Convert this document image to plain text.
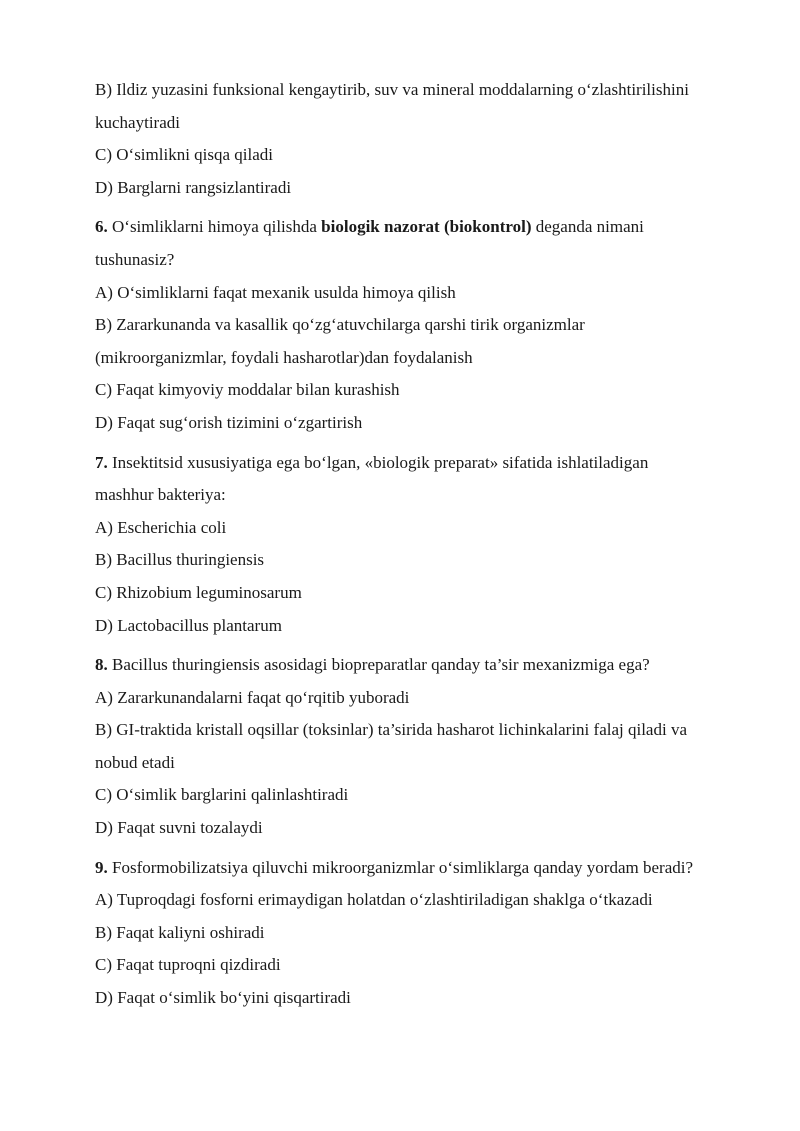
B) Ildiz yuzasini funksional kengaytirib, suv va mineral moddalarning o‘zlashtirilishini

kuchaytiradi

C) O‘simlikni qisqa qiladi

D) Barglarni rangsizlantiradi

6. O‘simliklarni himoya qilishda biologik nazorat (biokontrol) deganda nimani

tushunasiz?

A) O‘simliklarni faqat mexanik usulda himoya qilish

B) Zararkunanda va kasallik qo‘zg‘atuvchilarga qarshi tirik organizmlar

(mikroorganizmlar, foydali hasharotlar)dan foydalanish

C) Faqat kimyoviy moddalar bilan kurashish

D) Faqat sug‘orish tizimini o‘zgartirish

7. Insektitsid xususiyatiga ega bo‘lgan, «biologik preparat» sifatida ishlatiladigan

mashhur bakteriya:

A) Escherichia coli

B) Bacillus thuringiensis

C) Rhizobium leguminosarum

D) Lactobacillus plantarum

8. Bacillus thuringiensis asosidagi biopreparatlar qanday ta’sir mexanizmiga ega?

A) Zararkunandalarni faqat qo‘rqitib yuboradi

B) GI-traktida kristall oqsillar (toksinlar) ta’sirida hasharot lichinkalarini falaj qiladi va

nobud etadi

C) O‘simlik barglarini qalinlashtiradi

D) Faqat suvni tozalaydi

9. Fosformobilizatsiya qiluvchi mikroorganizmlar o‘simliklarga qanday yordam beradi?

A) Tuproqdagi fosforni erimaydigan holatdan o‘zlashtiriladigan shaklga o‘tkazadi

B) Faqat kaliyni oshiradi

C) Faqat tuproqni qizdiradi

D) Faqat o‘simlik bo‘yini qisqartiradi
